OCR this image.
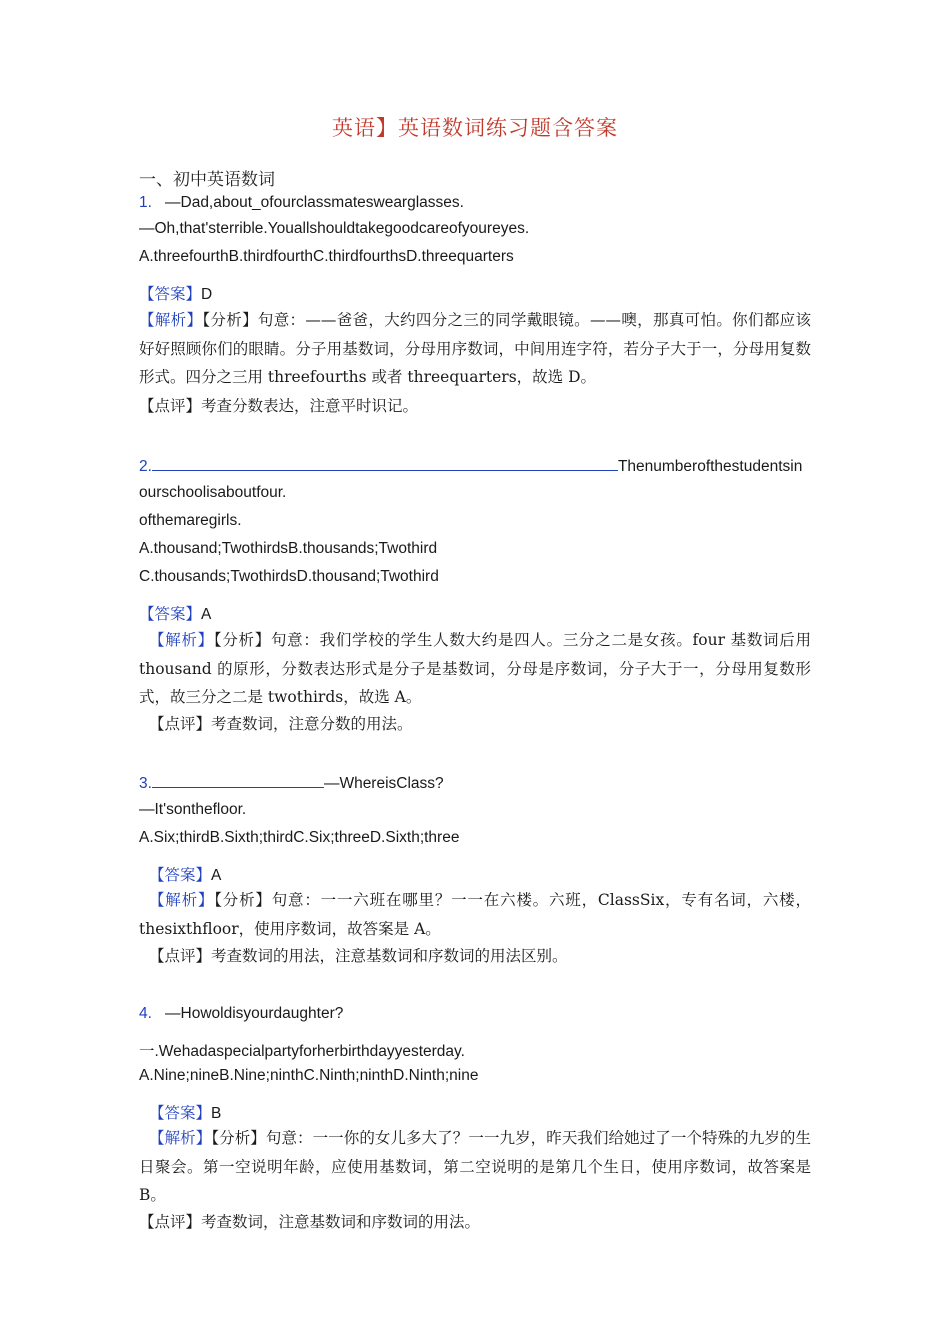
英语】英语数词练习题含答案
一、初中英语数词
1. —Dad,about_ofourclassmateswearglasses.
—Oh,that'sterrible.Youallshouldtakegoodcareofyoureyes.
A.threefourthB.thirdfourthC.thirdfourthsD.threequarters
【答案】D
【解析】【分析】句意：——爸爸，大约四分之三的同学戴眼镜。——噢，那真可怕。你们都应该好好照顾你们的眼睛。分子用基数词，分母用序数词，中间用连字符，若分子大于一，分母用复数形式。四分之三用 threefourths 或者 threequarters，故选 D。
【点评】考查分数表达，注意平时识记。
2.	Thenumberofthestudentsin
ourschoolisaboutfour.
ofthemaregirls.
A.thousand;TwothirdsB.thousands;Twothird
C.thousands;TwothirdsD.thousand;Twothird
【答案】A
【解析】【分析】句意：我们学校的学生人数大约是四人。三分之二是女孩。four 基数词后用 thousand 的原形，分数表达形式是分子是基数词，分母是序数词，分子大于一，分母用复数形式，故三分之二是 twothirds，故选 A。
【点评】考查数词，注意分数的用法。
3.	—WhereisClass?
—It'sonthefloor.
A.Six;thirdB.Sixth;thirdC.Six;threeD.Sixth;three
【答案】A
【解析】【分析】句意：一一六班在哪里？一一在六楼。六班，ClassSix，专有名词，六楼，thesixthfloor，使用序数词，故答案是 A。
【点评】考查数词的用法，注意基数词和序数词的用法区别。
4. —Howoldisyourdaughter?
一.Wehadaspecialpartyforherbirthdayyesterday.
A.Nine;nineB.Nine;ninthC.Ninth;ninthD.Ninth;nine
【答案】B
【解析】【分析】句意：一一你的女儿多大了？一一九岁，昨天我们给她过了一个特殊的九岁的生日聚会。第一空说明年龄，应使用基数词，第二空说明的是第几个生日，使用序数词，故答案是 B。
【点评】考查数词，注意基数词和序数词的用法。
